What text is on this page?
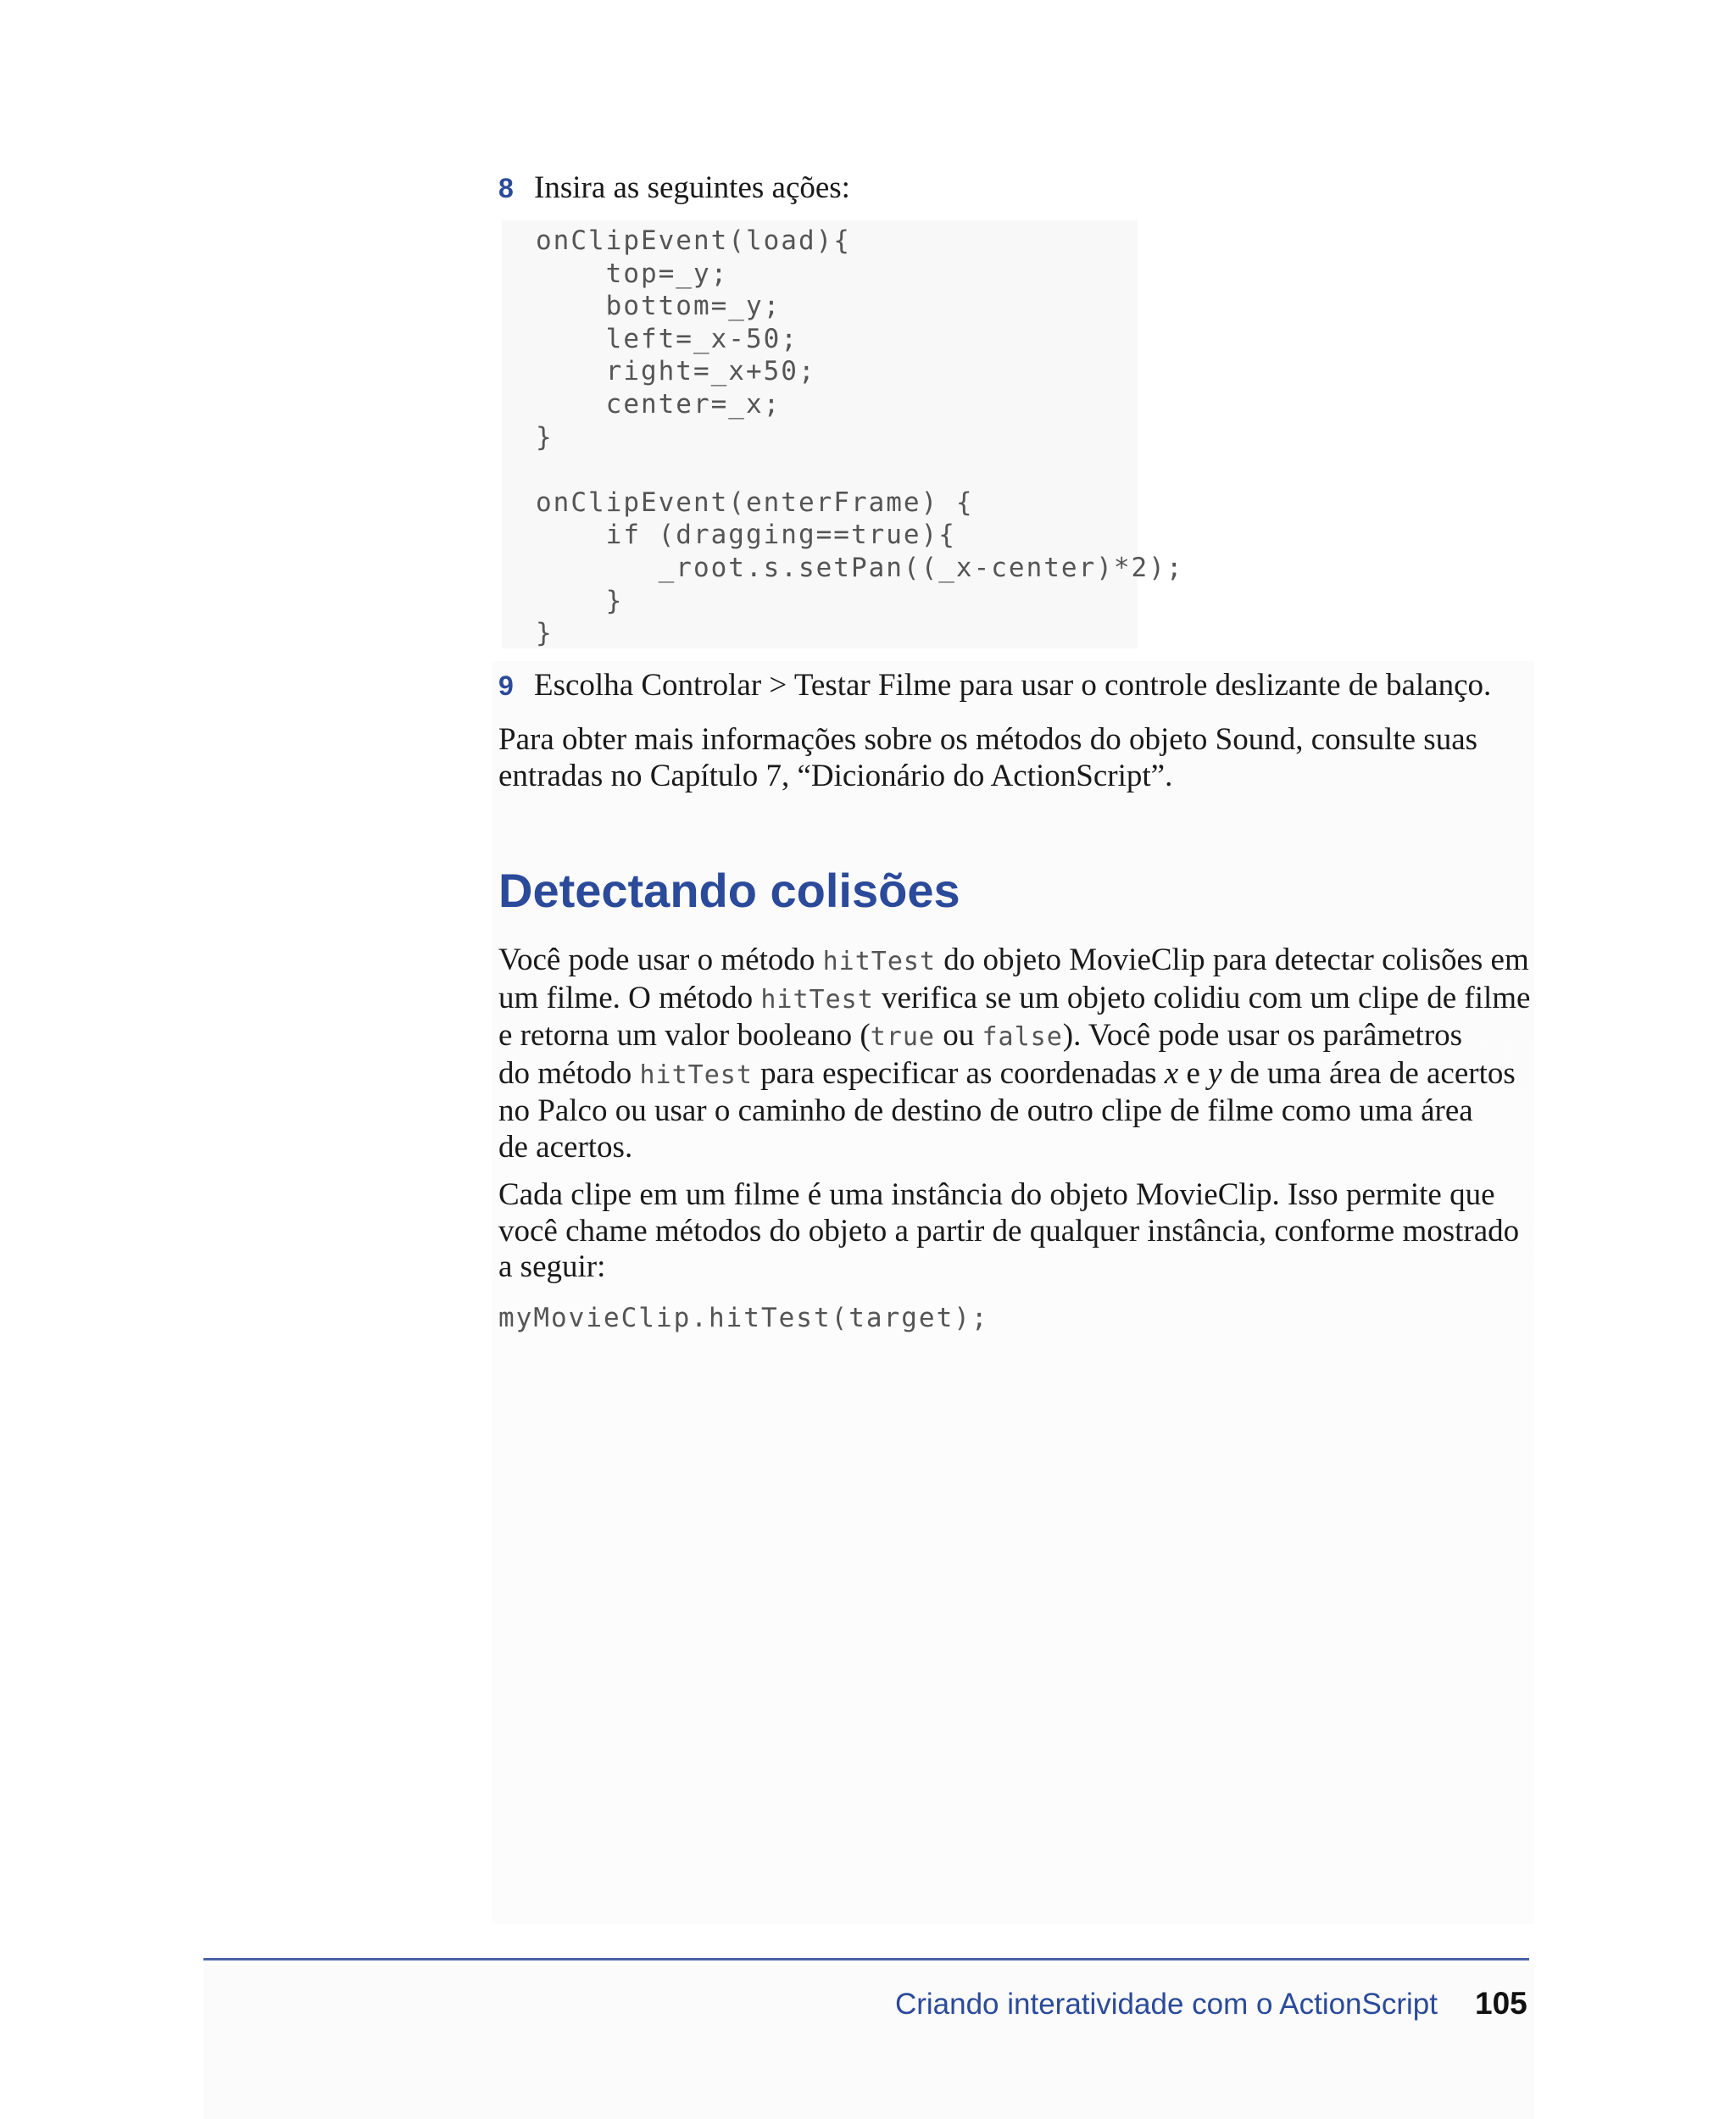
8 Insira as seguintes ações:
onClipEvent(load){
top=_y;
bottom=_y;
left=_x-50;
right=_x+50;
center=_x;
}

onClipEvent(enterFrame) {
if (dragging==true){
_root.s.setPan((_x-center)*2);
}
}
9 Escolha Controlar > Testar Filme para usar o controle deslizante de balanço.
Para obter mais informações sobre os métodos do objeto Sound, consulte suas
entradas no Capítulo 7, “Dicionário do ActionScript”.
Detectando colisões
Você pode usar o método hitTest do objeto MovieClip para detectar colisões em
um filme. O método hitTest verifica se um objeto colidiu com um clipe de filme
e retorna um valor booleano (true ou false). Você pode usar os parâmetros
do método hitTest para especificar as coordenadas x e y de uma área de acertos
no Palco ou usar o caminho de destino de outro clipe de filme como uma área
de acertos.
Cada clipe em um filme é uma instância do objeto MovieClip. Isso permite que
você chame métodos do objeto a partir de qualquer instância, conforme mostrado
a seguir:
myMovieClip.hitTest(target);
Criando interatividade com o ActionScript 105
